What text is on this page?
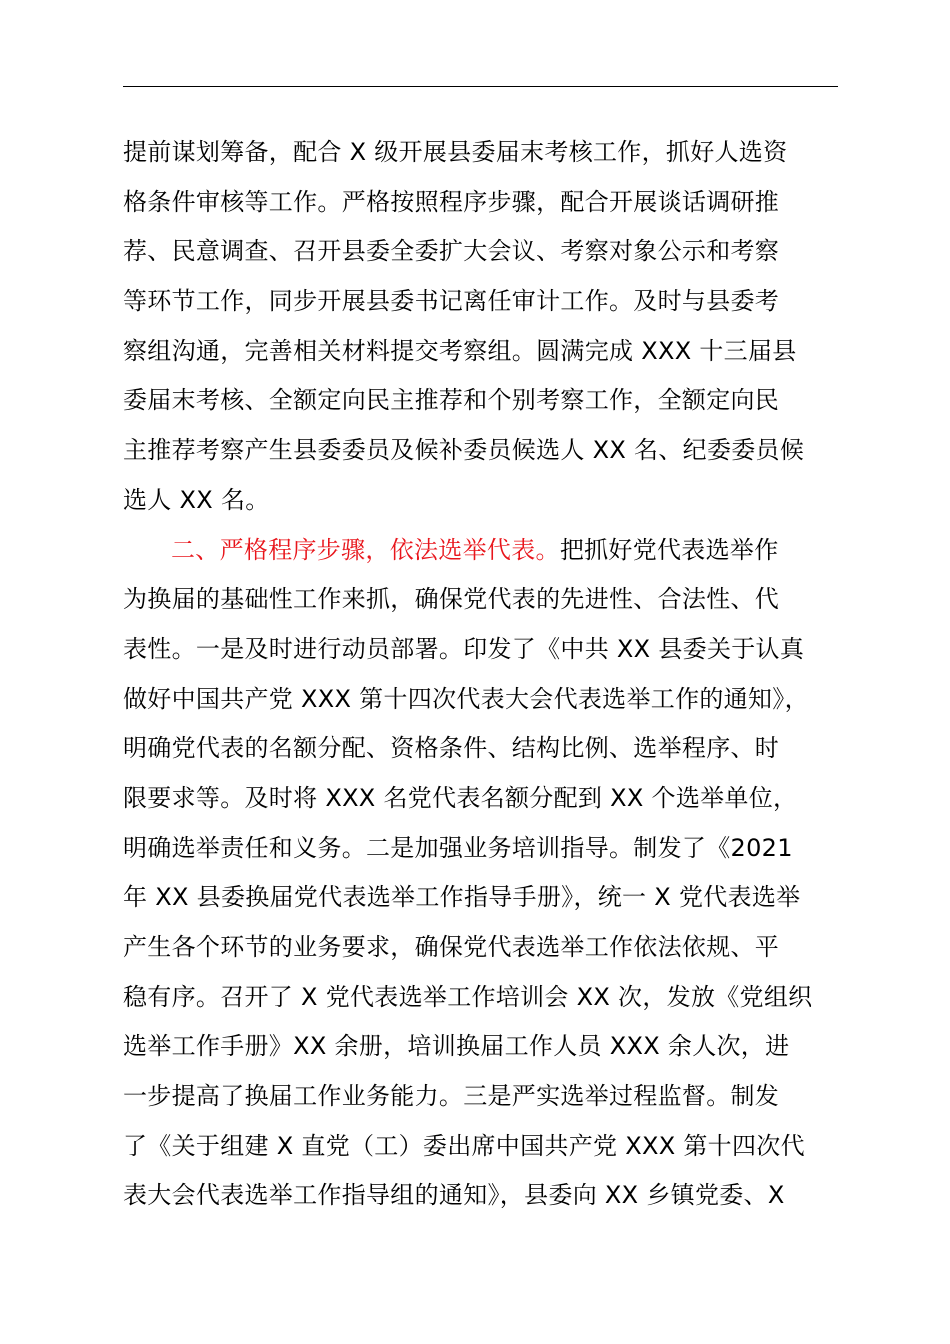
提前谋划筹备，配合 X 级开展县委届末考核工作，抓好人选资
格条件审核等工作。严格按照程序步骤，配合开展谈话调研推
荐、民意调查、召开县委全委扩大会议、考察对象公示和考察
等环节工作，同步开展县委书记离任审计工作。及时与县委考
察组沟通，完善相关材料提交考察组。圆满完成 XXX 十三届县
委届末考核、全额定向民主推荐和个别考察工作，全额定向民
主推荐考察产生县委委员及候补委员候选人 XX 名、纪委委员候
选人 XX 名。
二、严格程序步骤，依法选举代表。把抓好党代表选举作
为换届的基础性工作来抓，确保党代表的先进性、合法性、代
表性。一是及时进行动员部署。印发了《中共 XX 县委关于认真
做好中国共产党 XXX 第十四次代表大会代表选举工作的通知》，
明确党代表的名额分配、资格条件、结构比例、选举程序、时
限要求等。及时将 XXX 名党代表名额分配到 XX 个选举单位，
明确选举责任和义务。二是加强业务培训指导。制发了《2021
年 XX 县委换届党代表选举工作指导手册》，统一 X 党代表选举
产生各个环节的业务要求，确保党代表选举工作依法依规、平
稳有序。召开了 X 党代表选举工作培训会 XX 次，发放《党组织
选举工作手册》XX 余册，培训换届工作人员 XXX 余人次，进
一步提高了换届工作业务能力。三是严实选举过程监督。制发
了《关于组建 X 直党（工）委出席中国共产党 XXX 第十四次代
表大会代表选举工作指导组的通知》，县委向 XX 乡镇党委、X
